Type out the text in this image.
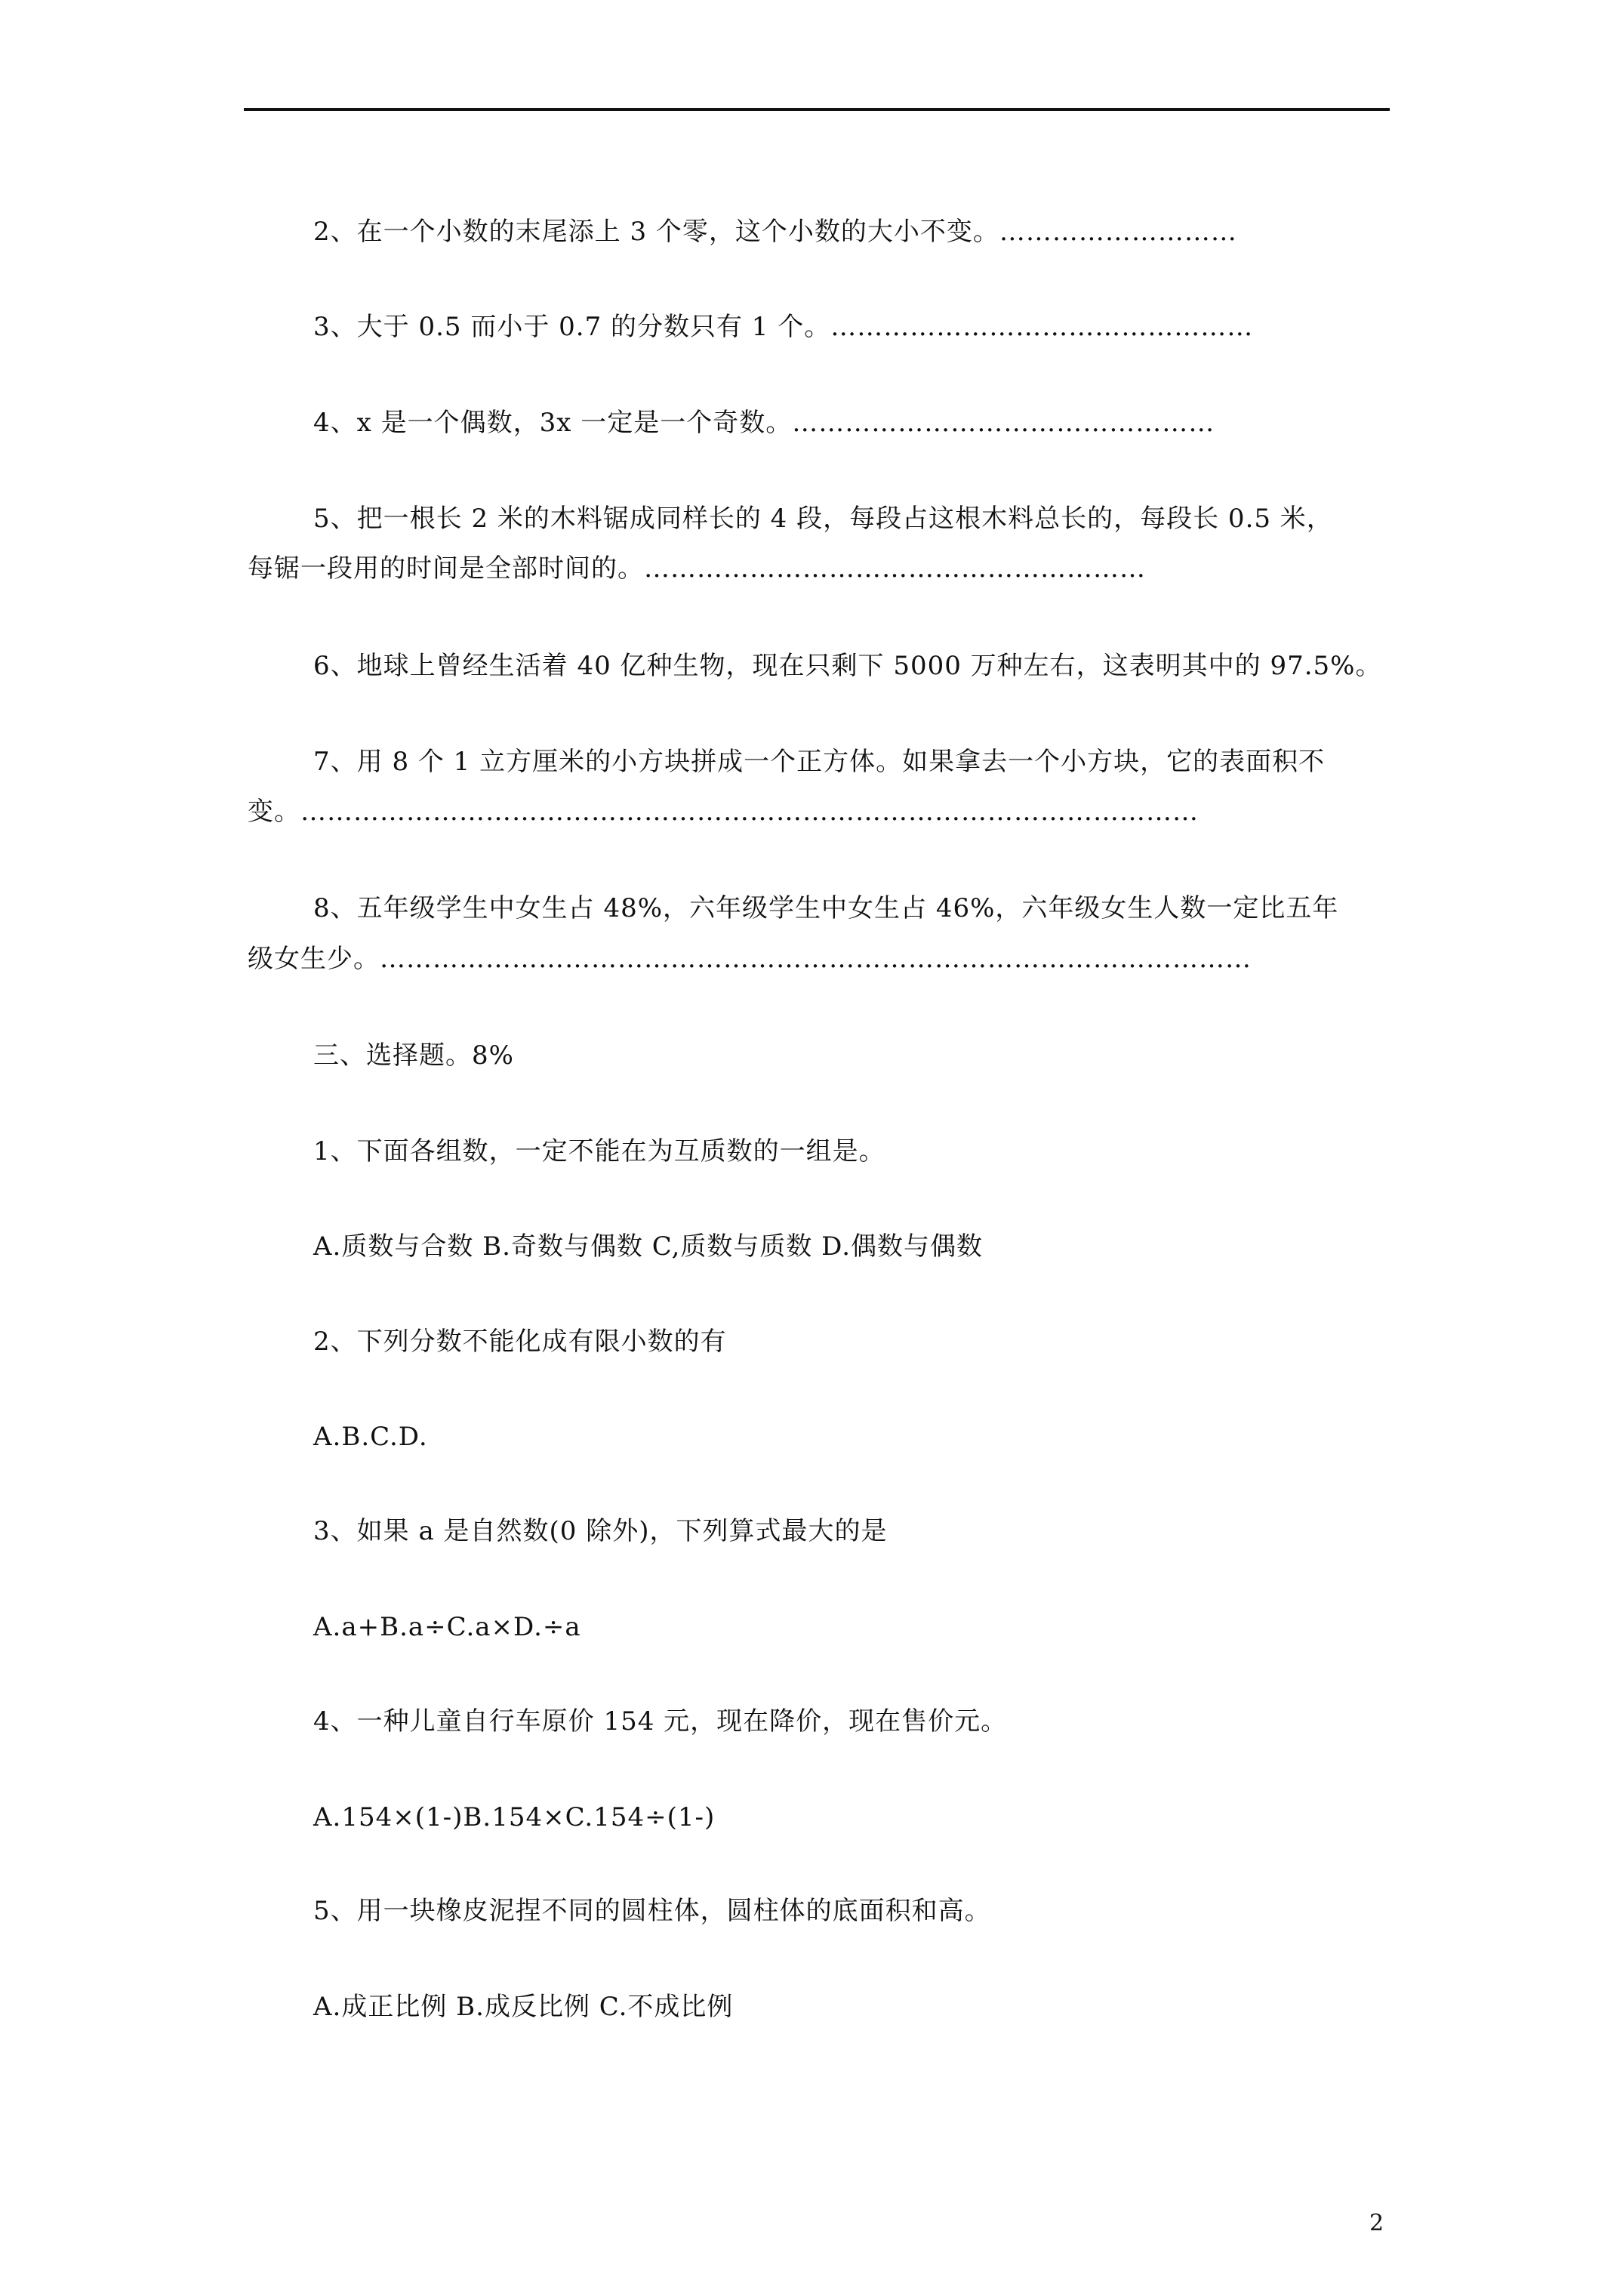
2、在一个小数的末尾添上 3 个零，这个小数的大小不变。………………………
3、大于 0.5 而小于 0.7 的分数只有 1 个。…………………………………………
4、x 是一个偶数，3x 一定是一个奇数。…………………………………………
5、把一根长 2 米的木料锯成同样长的 4 段，每段占这根木料总长的，每段长 0.5 米，
每锯一段用的时间是全部时间的。…………………………………………………
6、地球上曾经生活着 40 亿种生物，现在只剩下 5000 万种左右，这表明其中的 97.5%。
7、用 8 个 1 立方厘米的小方块拼成一个正方体。如果拿去一个小方块，它的表面积不
变。…………………………………………………………………………………………
8、五年级学生中女生占 48%，六年级学生中女生占 46%，六年级女生人数一定比五年
级女生少。………………………………………………………………………………………
三、选择题。8%
1、下面各组数，一定不能在为互质数的一组是。
A.质数与合数 B.奇数与偶数 C,质数与质数 D.偶数与偶数
2、下列分数不能化成有限小数的有
A.B.C.D.
3、如果 a 是自然数(0 除外)，下列算式最大的是
A.a+B.a÷C.a×D.÷a
4、一种儿童自行车原价 154 元，现在降价，现在售价元。
A.154×(1-)B.154×C.154÷(1-)
5、用一块橡皮泥捏不同的圆柱体，圆柱体的底面积和高。
A.成正比例 B.成反比例 C.不成比例
2
